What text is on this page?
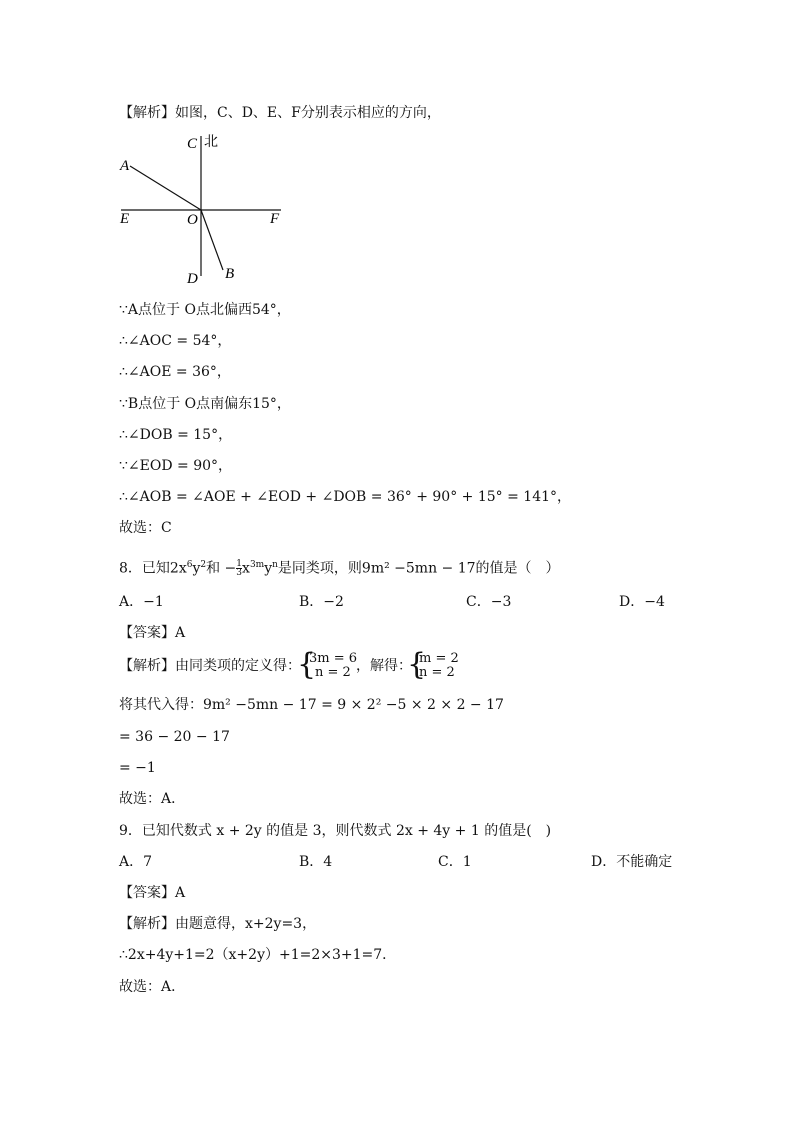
【解析】如图，C、D、E、F分别表示相应的方向，
C 北
A
E	O	F
D B
∵A点位于 O点北偏西54°，
∴∠AOC = 54°，
∴∠AOE = 36°，
∵B点位于 O点南偏东15°，
∴∠DOB = 15°，
∵∠EOD = 90°，
∴∠AOB = ∠AOE + ∠EOD + ∠DOB = 36° + 90° + 15° = 141°，
故选：C
8．已知$2x^6y^2$和 − $\frac{1}{3} x^{3m}y^n$是同类项，则9m² −5mn − 17的值是（　）
A．−1	B．−2	C．−3	D．−4
【答案】A
【解析】由同类项的定义得：
{
3m = 6
n = 2 ，解得：
{
m = 2
n = 2
将其代入得：9m² −5mn − 17 = 9 × 2² −5 × 2 × 2 − 17
= 36 − 20 − 17
= −1
故选：A．
9．已知代数式 x + 2y 的值是 3，则代数式 2x + 4y + 1 的值是(　)
A．7	B．4	C．1	D．不能确定
【答案】A
【解析】由题意得，x+2y=3，
∴2x+4y+1=2（x+2y）+1=2×3+1=7．
故选：A．
